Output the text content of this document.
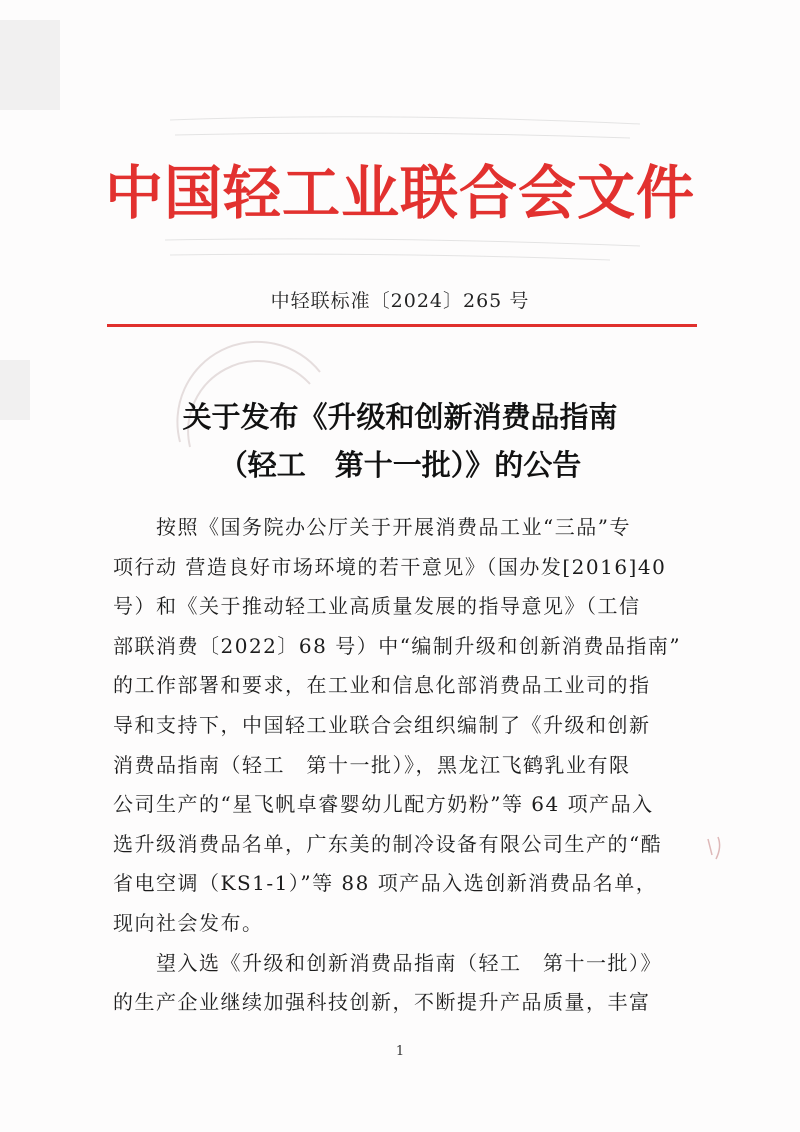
中国轻工业联合会文件
中轻联标准〔2024〕265 号
关于发布《升级和创新消费品指南
（轻工　第十一批）》的公告
　　按照《国务院办公厅关于开展消费品工业“三品”专
项行动 营造良好市场环境的若干意见》（国办发[2016]40
号）和《关于推动轻工业高质量发展的指导意见》（工信
部联消费〔2022〕68 号）中“编制升级和创新消费品指南”
的工作部署和要求，在工业和信息化部消费品工业司的指
导和支持下，中国轻工业联合会组织编制了《升级和创新
消费品指南（轻工　第十一批）》，黑龙江飞鹤乳业有限
公司生产的“星飞帆卓睿婴幼儿配方奶粉”等 64 项产品入
选升级消费品名单，广东美的制冷设备有限公司生产的“酷
省电空调（KS1-1）”等 88 项产品入选创新消费品名单，
现向社会发布。
　　望入选《升级和创新消费品指南（轻工　第十一批）》
的生产企业继续加强科技创新，不断提升产品质量，丰富
1
